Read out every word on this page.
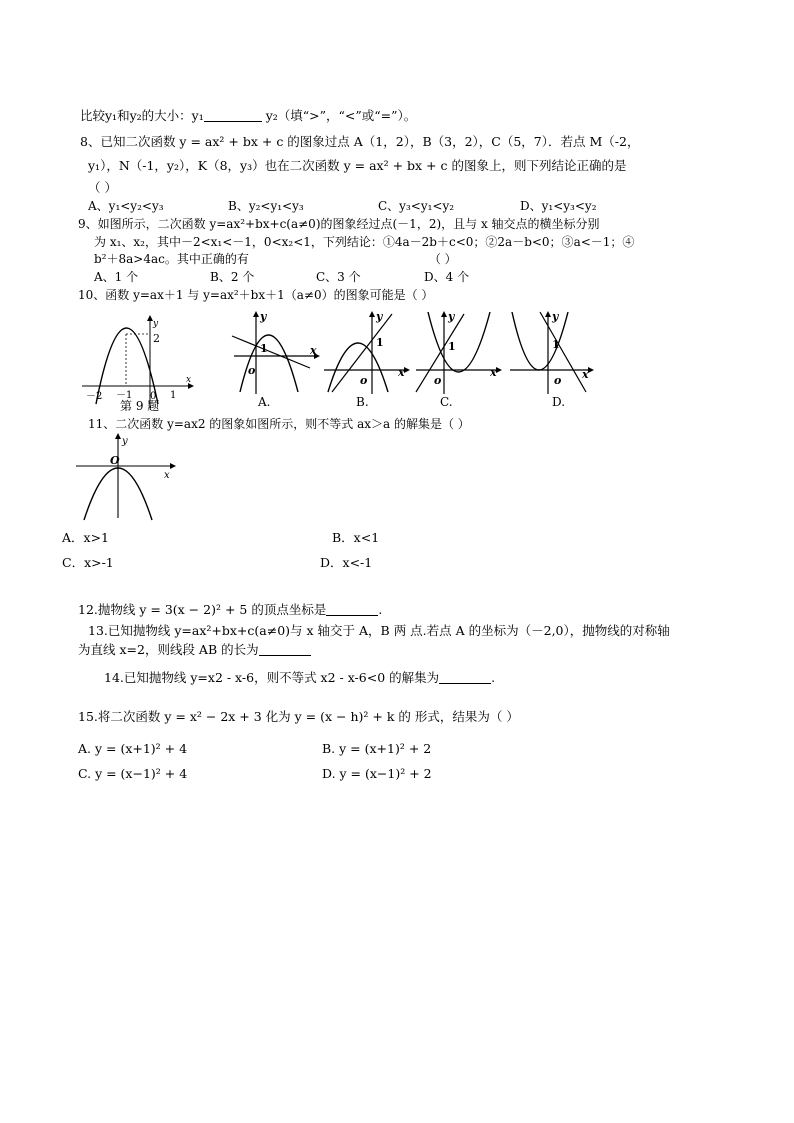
比较y₁和y₂的大小：y₁	y₂（填“>”，“<”或“=”）。
8、已知二次函数 y = ax² + bx + c 的图象过点 A（1，2），B（3，2），C（5，7）．若点 M（-2，
y₁），N（-1，y₂），K（8，y₃）也在二次函数 y = ax² + bx + c 的图象上，则下列结论正确的是
（ ）
A、y₁<y₂<y₃	B、y₂<y₁<y₃	C、y₃<y₁<y₂	D、y₁<y₃<y₂
9、如图所示，二次函数 y=ax²+bx+c(a≠0)的图象经过点(－1，2)，且与 x 轴交点的横坐标分别
为 x₁、x₂，其中－2<x₁<－1，0<x₂<1，下列结论：①4a－2b＋c<0；②2a－b<0；③a<－1；④
b²＋8a>4ac。其中正确的有	（ ）
A、1 个	B、2 个	C、3 个	D、4 个
10、函数 y=ax＋1 与 y=ax²＋bx＋1（a≠0）的图象可能是（ ）
y
x
2
－2 －1 0 1
第 9 题
y
x
1
o
A.
y
x
1
o
B.
y
x
1
o
C.
y
x
1
o
D.
11、二次函数 y=ax2 的图象如图所示，则不等式 ax＞a 的解集是（ ）
y
x
O
A．x>1	B．x<1
C．x>-1	D．x<-1
12.抛物线 y = 3(x − 2)² + 5 的顶点坐标是	.
13.已知抛物线 y=ax²+bx+c(a≠0)与 x 轴交于 A，B 两 点.若点 A 的坐标为（－2,0），抛物线的对称轴
为直线 x=2，则线段 AB 的长为
14.已知抛物线 y=x2 - x-6，则不等式 x2 - x-6<0 的解集为	.
15.将二次函数 y = x² − 2x + 3 化为 y = (x − h)² + k 的 形式，结果为（ ）
A. y = (x+1)² + 4	B. y = (x+1)² + 2
C. y = (x−1)² + 4	D. y = (x−1)² + 2
